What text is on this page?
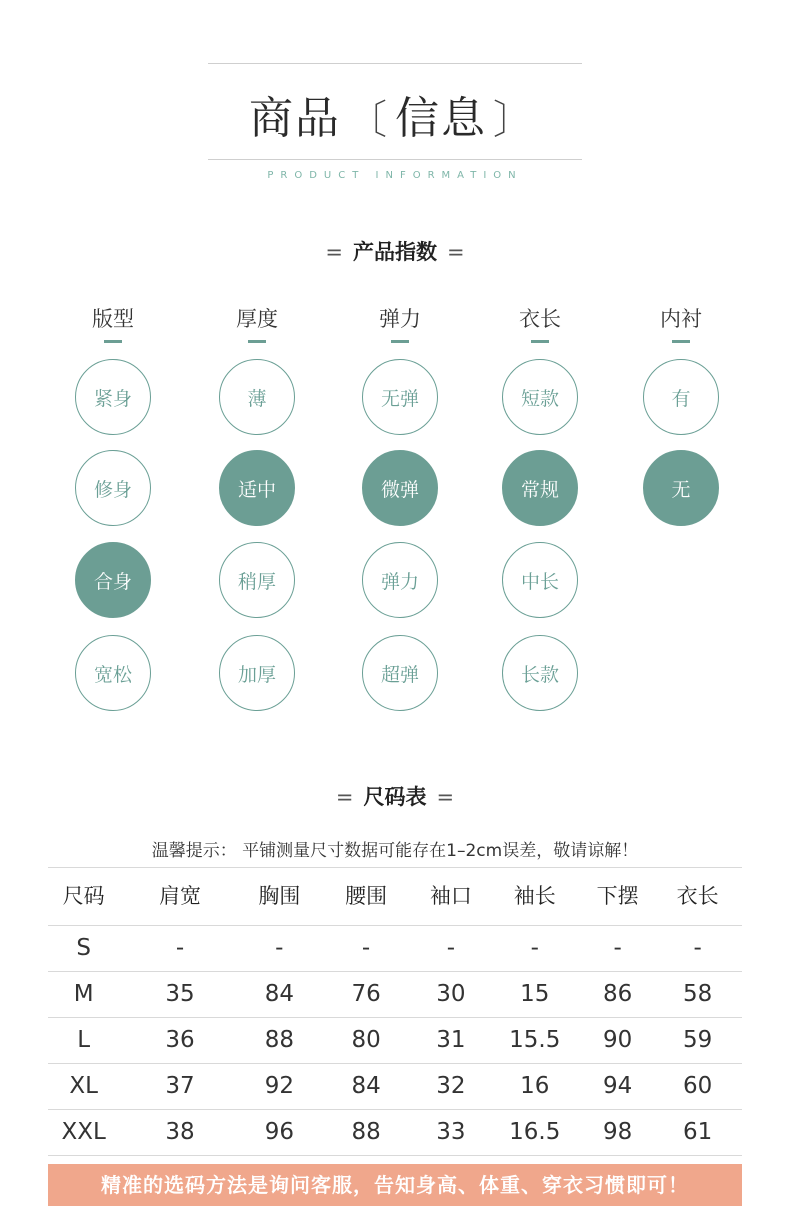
商品 〔 信息 〕
PRODUCT INFORMATION
= 产品指数 =
版型
紧身
修身
合身
宽松
厚度
薄
适中
稍厚
加厚
弹力
无弹
微弹
弹力
超弹
衣长
短款
常规
中长
长款
内衬
有
无
= 尺码表 =
温馨提示： 平铺测量尺寸数据可能存在1–2cm误差，敬请谅解！
尺码	肩宽	胸围	腰围	袖口	袖长	下摆	衣长
S	-	-	-	-	-	-	-
M	35	84	76	30	15	86	58
L	36	88	80	31	15.5	90	59
XL	37	92	84	32	16	94	60
XXL	38	96	88	33	16.5	98	61
精准的选码方法是询问客服，告知身高、体重、穿衣习惯即可！
